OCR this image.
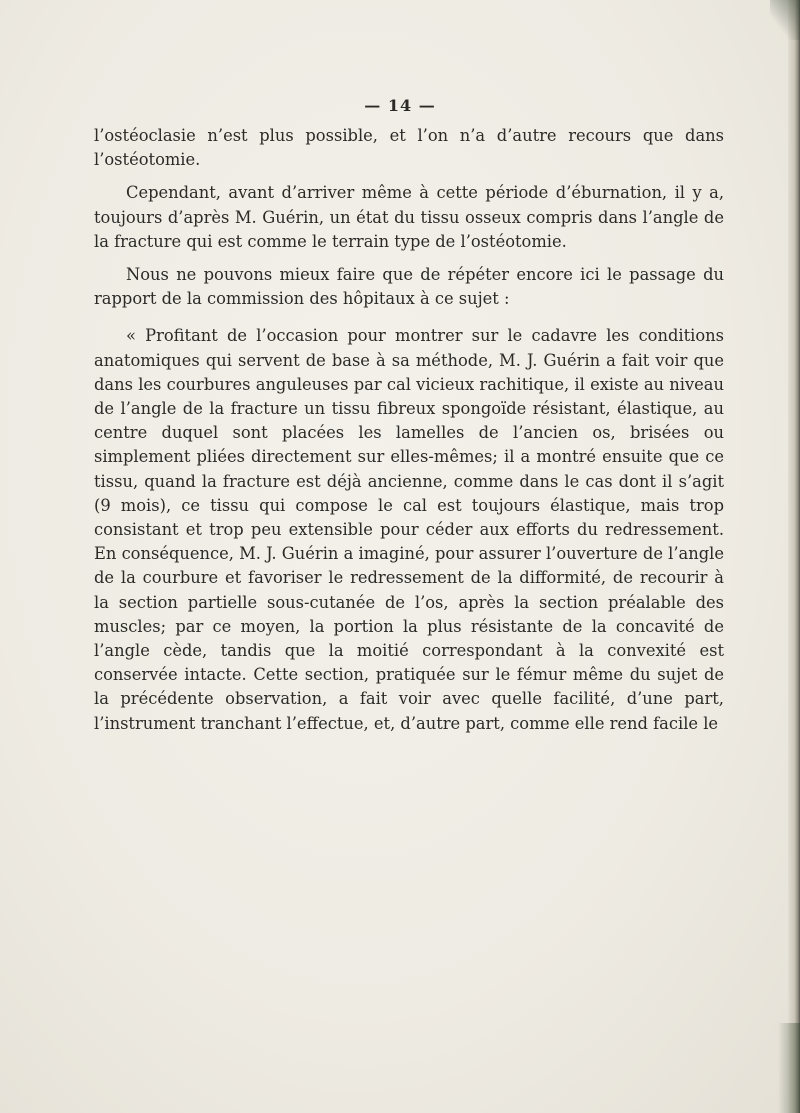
— 14 —

l’ostéoclasie n’est plus possible, et l’on n’a d’autre recours que dans l’ostéotomie.

Cependant, avant d’arriver même à cette période d’éburnation, il y a, toujours d’après M. Guérin, un état du tissu osseux compris dans l’angle de la fracture qui est comme le terrain type de l’ostéotomie.

Nous ne pouvons mieux faire que de répéter encore ici le passage du rapport de la commission des hôpitaux à ce sujet :

« Profitant de l’occasion pour montrer sur le cadavre les conditions anatomiques qui servent de base à sa méthode, M. J. Guérin a fait voir que dans les courbures anguleuses par cal vicieux rachitique, il existe au niveau de l’angle de la fracture un tissu fibreux spongoïde résistant, élastique, au centre duquel sont placées les lamelles de l’ancien os, brisées ou simplement pliées directement sur elles-mêmes; il a montré ensuite que ce tissu, quand la fracture est déjà ancienne, comme dans le cas dont il s’agit (9 mois), ce tissu qui compose le cal est toujours élastique, mais trop consistant et trop peu extensible pour céder aux efforts du redressement. En conséquence, M. J. Guérin a imaginé, pour assurer l’ouverture de l’angle de la courbure et favoriser le redressement de la difformité, de recourir à la section partielle sous-cutanée de l’os, après la section préalable des muscles; par ce moyen, la portion la plus résistante de la concavité de l’angle cède, tandis que la moitié correspondant à la convexité est conservée intacte. Cette section, pratiquée sur le fémur même du sujet de la précédente observation, a fait voir avec quelle facilité, d’une part, l’instrument tranchant l’effectue, et, d’autre part, comme elle rend facile le
